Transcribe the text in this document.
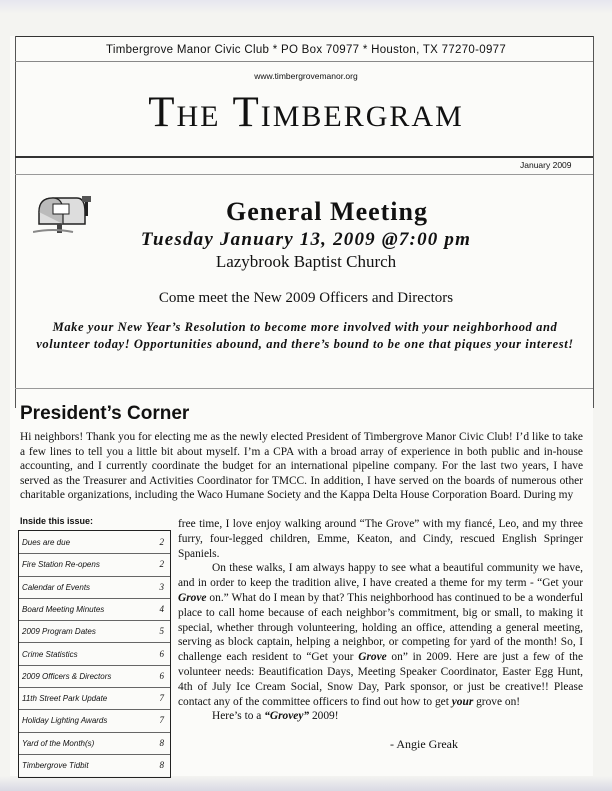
Timbergrove Manor Civic Club * PO Box 70977 * Houston, TX 77270-0977
www.timbergrovemanor.org
The Timbergram
January 2009
General Meeting
Tuesday January 13, 2009 @7:00 pm
Lazybrook Baptist Church
Come meet the New 2009 Officers and Directors
Make your New Year’s Resolution to become more involved with your neighborhood and volunteer today! Opportunities abound, and there’s bound to be one that piques your interest!
President’s Corner
Hi neighbors! Thank you for electing me as the newly elected President of Timbergrove Manor Civic Club! I’d like to take a few lines to tell you a little bit about myself. I’m a CPA with a broad array of experience in both public and in-house accounting, and I currently coordinate the budget for an international pipeline company. For the last two years, I have served as the Treasurer and Activities Coordinator for TMCC. In addition, I have served on the boards of numerous other charitable organizations, including the Waco Humane Society and the Kappa Delta House Corporation Board. During my
Inside this issue:
Dues are due	2
Fire Station Re-opens	2
Calendar of Events	3
Board Meeting Minutes	4
2009 Program Dates	5
Crime Statistics	6
2009 Officers & Directors	6
11th Street Park Update	7
Holiday Lighting Awards	7
Yard of the Month(s)	8
Timbergrove Tidbit	8

free time, I love enjoy walking around “The Grove” with my fiancé, Leo, and my three furry, four-legged children, Emme, Keaton, and Cindy, rescued English Springer Spaniels.

On these walks, I am always happy to see what a beautiful community we have, and in order to keep the tradition alive, I have created a theme for my term - “Get your Grove on.” What do I mean by that? This neighborhood has continued to be a wonderful place to call home because of each neighbor’s commitment, big or small, to making it special, whether through volunteering, holding an office, attending a general meeting, serving as block captain, helping a neighbor, or competing for yard of the month! So, I challenge each resident to “Get your Grove on” in 2009. Here are just a few of the volunteer needs: Beautification Days, Meeting Speaker Coordinator, Easter Egg Hunt, 4th of July Ice Cream Social, Snow Day, Park sponsor, or just be creative!! Please contact any of the committee officers to find out how to get your grove on!

Here’s to a “Grovey” 2009!

- Angie Greak
